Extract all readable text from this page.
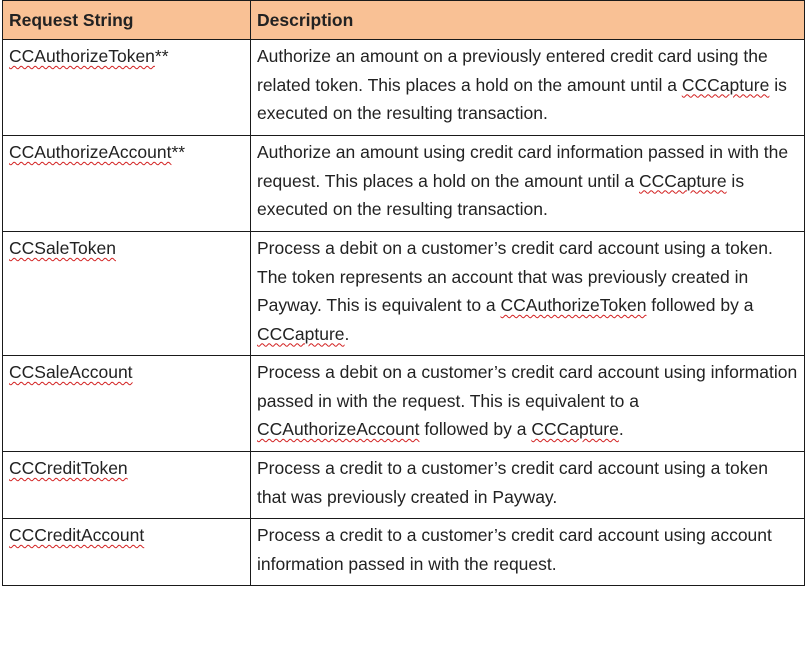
Request String	Description
CCAuthorizeToken**	Authorize an amount on a previously entered credit card using the related token. This places a hold on the amount until a CCCapture is executed on the resulting transaction.
CCAuthorizeAccount**	Authorize an amount using credit card information passed in with the request. This places a hold on the amount until a CCCapture is executed on the resulting transaction.
CCSaleToken	Process a debit on a customer’s credit card account using a token. The token represents an account that was previously created in Payway. This is equivalent to a CCAuthorizeToken followed by a CCCapture.
CCSaleAccount	Process a debit on a customer’s credit card account using information passed in with the request. This is equivalent to a CCAuthorizeAccount followed by a CCCapture.
CCCreditToken	Process a credit to a customer’s credit card account using a token that was previously created in Payway.
CCCreditAccount	Process a credit to a customer’s credit card account using account information passed in with the request.
